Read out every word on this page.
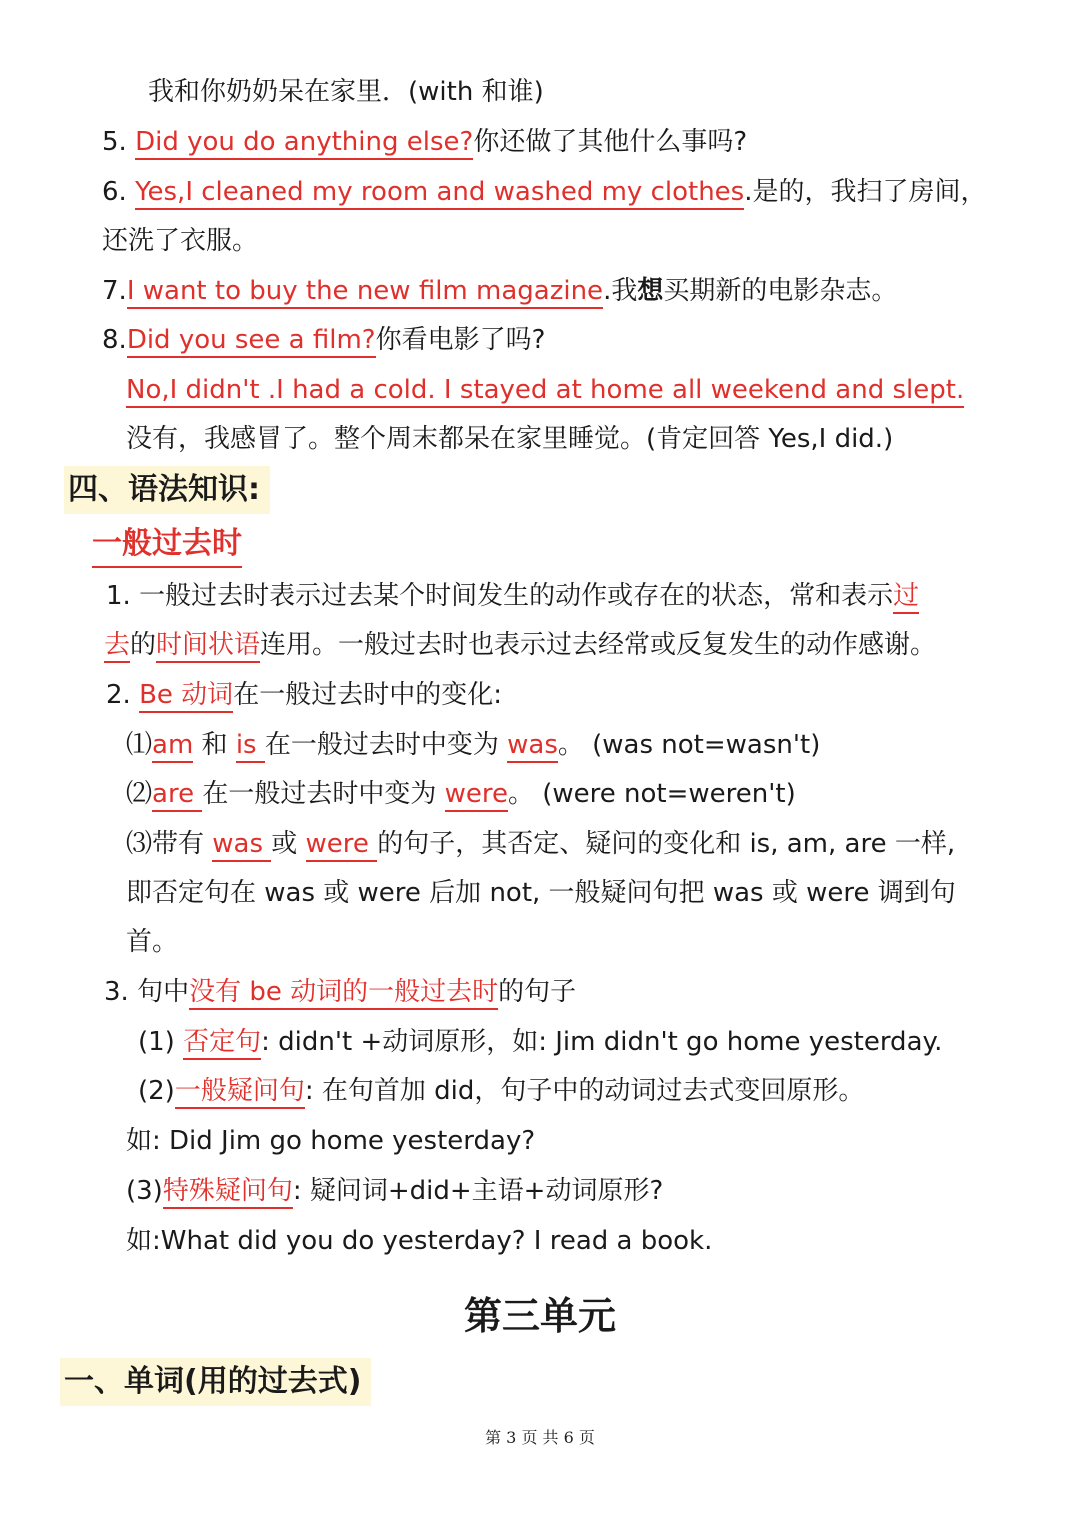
我和你奶奶呆在家里．(with 和谁)
5. Did you do anything else?你还做了其他什么事吗?
6. Yes,I cleaned my room and washed my clothes.是的，我扫了房间，
还洗了衣服。
7.I want to buy the new film magazine.我想买期新的电影杂志。
8.Did you see a film?你看电影了吗?
No,I didn't .I had a cold. I stayed at home all weekend and slept.
没有，我感冒了。整个周末都呆在家里睡觉。(肯定回答 Yes,I did.)
四、语法知识:
一般过去时
1. 一般过去时表示过去某个时间发生的动作或存在的状态，常和表示过
去的时间状语连用。一般过去时也表示过去经常或反复发生的动作感谢。
2. Be 动词在一般过去时中的变化:
⑴am 和 is 在一般过去时中变为 was。 (was not=wasn't)
⑵are 在一般过去时中变为 were。 (were not=weren't)
⑶带有 was 或 were 的句子，其否定、疑问的变化和 is, am, are 一样,
即否定句在 was 或 were 后加 not, 一般疑问句把 was 或 were 调到句
首。
3. 句中没有 be 动词的一般过去时的句子
(1) 否定句: didn't +动词原形，如: Jim didn't go home yesterday.
(2)一般疑问句: 在句首加 did，句子中的动词过去式变回原形。
如: Did Jim go home yesterday?
(3)特殊疑问句: 疑问词+did+主语+动词原形?
如:What did you do yesterday? I read a book.
第三单元
一、单词(用的过去式)
第 3 页 共 6 页
